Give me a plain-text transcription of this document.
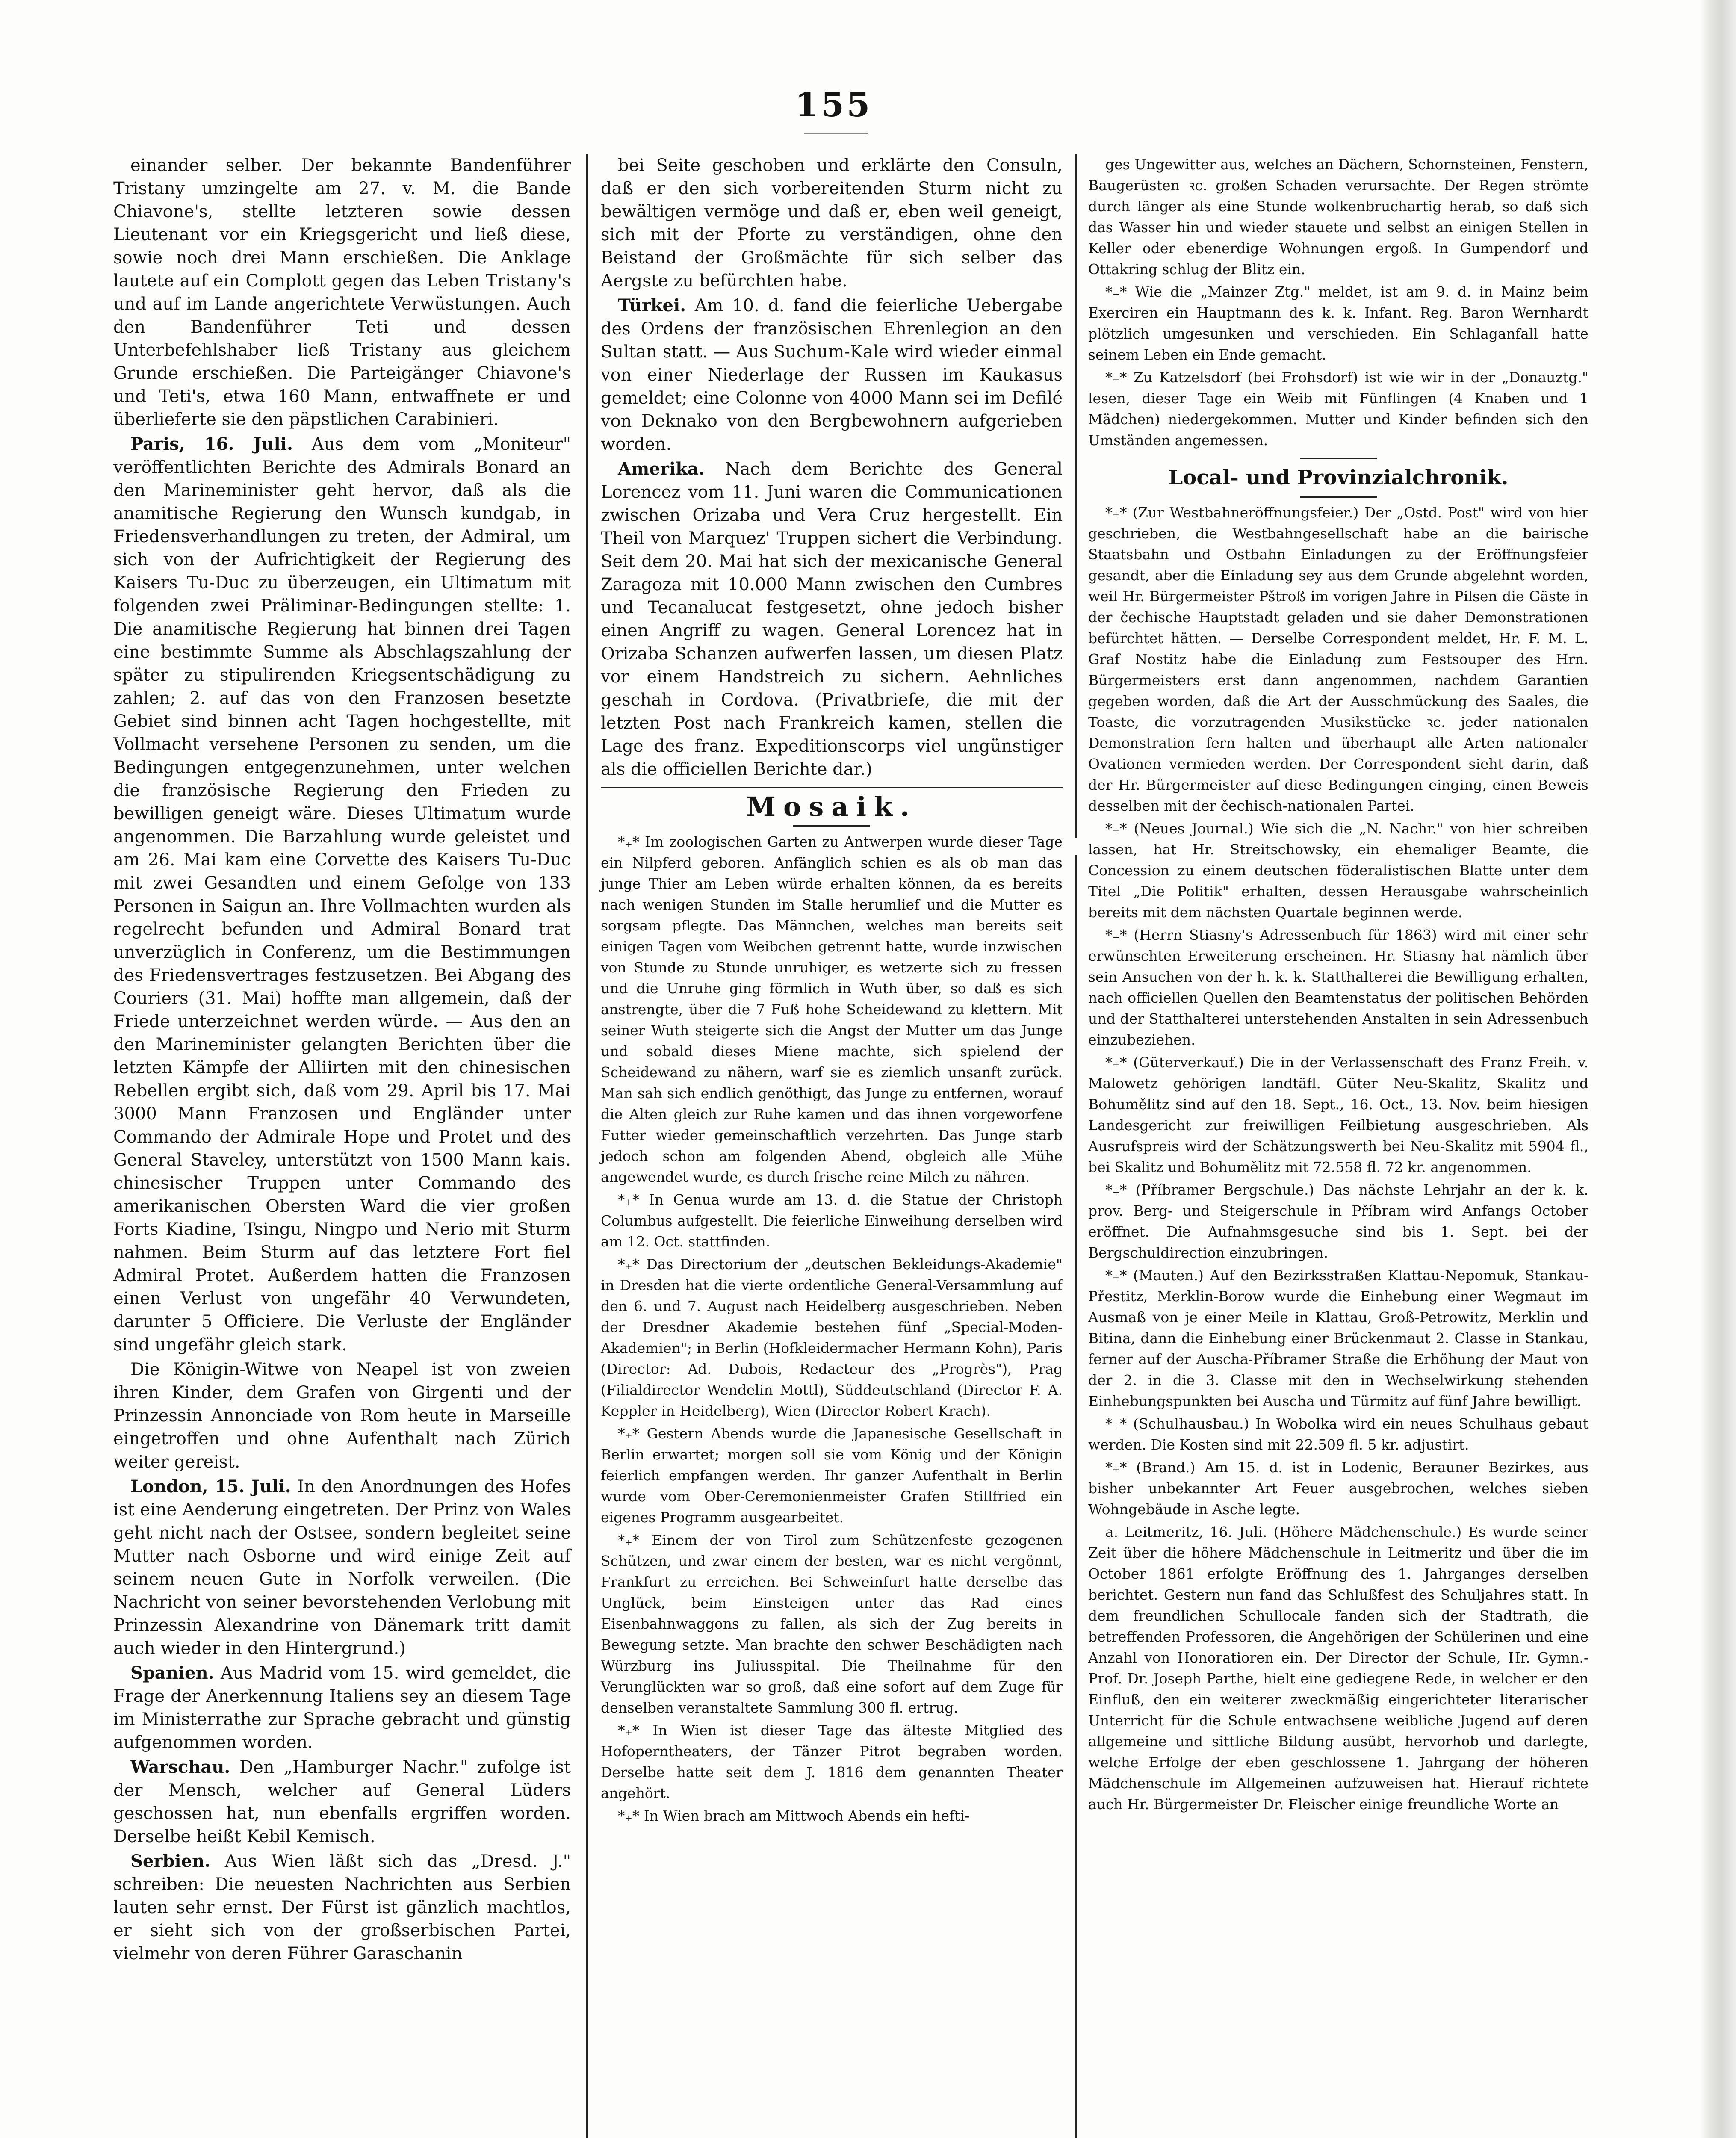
155

einander selber. Der bekannte Bandenführer Tristany umzingelte am 27. v. M. die Bande Chiavone's, stellte letzteren sowie dessen Lieutenant vor ein Kriegsgericht und ließ diese, sowie noch drei Mann erschießen. Die Anklage lautete auf ein Complott gegen das Leben Tristany's und auf im Lande angerichtete Verwüstungen. Auch den Bandenführer Teti und dessen Unterbefehlshaber ließ Tristany aus gleichem Grunde erschießen. Die Parteigänger Chiavone's und Teti's, etwa 160 Mann, entwaffnete er und überlieferte sie den päpstlichen Carabinieri.

Paris, 16. Juli. Aus dem vom „Moniteur" veröffentlichten Berichte des Admirals Bonard an den Marineminister geht hervor, daß als die anamitische Regierung den Wunsch kundgab, in Friedensverhandlungen zu treten, der Admiral, um sich von der Aufrichtigkeit der Regierung des Kaisers Tu-Duc zu überzeugen, ein Ultimatum mit folgenden zwei Präliminar-Bedingungen stellte: 1. Die anamitische Regierung hat binnen drei Tagen eine bestimmte Summe als Abschlagszahlung der später zu stipulirenden Kriegsentschädigung zu zahlen; 2. auf das von den Franzosen besetzte Gebiet sind binnen acht Tagen hochgestellte, mit Vollmacht versehene Personen zu senden, um die Bedingungen entgegenzunehmen, unter welchen die französische Regierung den Frieden zu bewilligen geneigt wäre. Dieses Ultimatum wurde angenommen. Die Barzahlung wurde geleistet und am 26. Mai kam eine Corvette des Kaisers Tu-Duc mit zwei Gesandten und einem Gefolge von 133 Personen in Saigun an. Ihre Vollmachten wurden als regelrecht befunden und Admiral Bonard trat unverzüglich in Conferenz, um die Bestimmungen des Friedensvertrages festzusetzen. Bei Abgang des Couriers (31. Mai) hoffte man allgemein, daß der Friede unterzeichnet werden würde. — Aus den an den Marineminister gelangten Berichten über die letzten Kämpfe der Alliirten mit den chinesischen Rebellen ergibt sich, daß vom 29. April bis 17. Mai 3000 Mann Franzosen und Engländer unter Commando der Admirale Hope und Protet und des General Staveley, unterstützt von 1500 Mann kais. chinesischer Truppen unter Commando des amerikanischen Obersten Ward die vier großen Forts Kiadine, Tsingu, Ningpo und Nerio mit Sturm nahmen. Beim Sturm auf das letztere Fort fiel Admiral Protet. Außerdem hatten die Franzosen einen Verlust von ungefähr 40 Verwundeten, darunter 5 Officiere. Die Verluste der Engländer sind ungefähr gleich stark.

Die Königin-Witwe von Neapel ist von zweien ihren Kinder, dem Grafen von Girgenti und der Prinzessin Annonciade von Rom heute in Marseille eingetroffen und ohne Aufenthalt nach Zürich weiter gereist.

London, 15. Juli. In den Anordnungen des Hofes ist eine Aenderung eingetreten. Der Prinz von Wales geht nicht nach der Ostsee, sondern begleitet seine Mutter nach Osborne und wird einige Zeit auf seinem neuen Gute in Norfolk verweilen. (Die Nachricht von seiner bevorstehenden Verlobung mit Prinzessin Alexandrine von Dänemark tritt damit auch wieder in den Hintergrund.)

Spanien. Aus Madrid vom 15. wird gemeldet, die Frage der Anerkennung Italiens sey an diesem Tage im Ministerrathe zur Sprache gebracht und günstig aufgenommen worden.

Warschau. Den „Hamburger Nachr." zufolge ist der Mensch, welcher auf General Lüders geschossen hat, nun ebenfalls ergriffen worden. Derselbe heißt Kebil Kemisch.

Serbien. Aus Wien läßt sich das „Dresd. J." schreiben: Die neuesten Nachrichten aus Serbien lauten sehr ernst. Der Fürst ist gänzlich machtlos, er sieht sich von der großserbischen Partei, vielmehr von deren Führer Garaschanin

bei Seite geschoben und erklärte den Consuln, daß er den sich vorbereitenden Sturm nicht zu bewältigen vermöge und daß er, eben weil geneigt, sich mit der Pforte zu verständigen, ohne den Beistand der Großmächte für sich selber das Aergste zu befürchten habe.

Türkei. Am 10. d. fand die feierliche Uebergabe des Ordens der französischen Ehrenlegion an den Sultan statt. — Aus Suchum-Kale wird wieder einmal von einer Niederlage der Russen im Kaukasus gemeldet; eine Colonne von 4000 Mann sei im Defilé von Deknako von den Bergbewohnern aufgerieben worden.

Amerika. Nach dem Berichte des General Lorencez vom 11. Juni waren die Communicationen zwischen Orizaba und Vera Cruz hergestellt. Ein Theil von Marquez' Truppen sichert die Verbindung. Seit dem 20. Mai hat sich der mexicanische General Zaragoza mit 10.000 Mann zwischen den Cumbres und Tecanalucat festgesetzt, ohne jedoch bisher einen Angriff zu wagen. General Lorencez hat in Orizaba Schanzen aufwerfen lassen, um diesen Platz vor einem Handstreich zu sichern. Aehnliches geschah in Cordova. (Privatbriefe, die mit der letzten Post nach Frankreich kamen, stellen die Lage des franz. Expeditionscorps viel ungünstiger als die officiellen Berichte dar.)

Mosaik.

*₊* Im zoologischen Garten zu Antwerpen wurde dieser Tage ein Nilpferd geboren. Anfänglich schien es als ob man das junge Thier am Leben würde erhalten können, da es bereits nach wenigen Stunden im Stalle herumlief und die Mutter es sorgsam pflegte. Das Männchen, welches man bereits seit einigen Tagen vom Weibchen getrennt hatte, wurde inzwischen von Stunde zu Stunde unruhiger, es wetzerte sich zu fressen und die Unruhe ging förmlich in Wuth über, so daß es sich anstrengte, über die 7 Fuß hohe Scheidewand zu klettern. Mit seiner Wuth steigerte sich die Angst der Mutter um das Junge und sobald dieses Miene machte, sich spielend der Scheidewand zu nähern, warf sie es ziemlich unsanft zurück. Man sah sich endlich genöthigt, das Junge zu entfernen, worauf die Alten gleich zur Ruhe kamen und das ihnen vorgeworfene Futter wieder gemeinschaftlich verzehrten. Das Junge starb jedoch schon am folgenden Abend, obgleich alle Mühe angewendet wurde, es durch frische reine Milch zu nähren.

*₊* In Genua wurde am 13. d. die Statue der Christoph Columbus aufgestellt. Die feierliche Einweihung derselben wird am 12. Oct. stattfinden.

*₊* Das Directorium der „deutschen Bekleidungs-Akademie" in Dresden hat die vierte ordentliche General-Versammlung auf den 6. und 7. August nach Heidelberg ausgeschrieben. Neben der Dresdner Akademie bestehen fünf „Special-Moden-Akademien"; in Berlin (Hofkleidermacher Hermann Kohn), Paris (Director: Ad. Dubois, Redacteur des „Progrès"), Prag (Filialdirector Wendelin Mottl), Süddeutschland (Director F. A. Keppler in Heidelberg), Wien (Director Robert Krach).

*₊* Gestern Abends wurde die Japanesische Gesellschaft in Berlin erwartet; morgen soll sie vom König und der Königin feierlich empfangen werden. Ihr ganzer Aufenthalt in Berlin wurde vom Ober-Ceremonienmeister Grafen Stillfried ein eigenes Programm ausgearbeitet.

*₊* Einem der von Tirol zum Schützenfeste gezogenen Schützen, und zwar einem der besten, war es nicht vergönnt, Frankfurt zu erreichen. Bei Schweinfurt hatte derselbe das Unglück, beim Einsteigen unter das Rad eines Eisenbahnwaggons zu fallen, als sich der Zug bereits in Bewegung setzte. Man brachte den schwer Beschädigten nach Würzburg ins Juliusspital. Die Theilnahme für den Verunglückten war so groß, daß eine sofort auf dem Zuge für denselben veranstaltete Sammlung 300 fl. ertrug.

*₊* In Wien ist dieser Tage das älteste Mitglied des Hofoperntheaters, der Tänzer Pitrot begraben worden. Derselbe hatte seit dem J. 1816 dem genannten Theater angehört.

*₊* In Wien brach am Mittwoch Abends ein hefti-

ges Ungewitter aus, welches an Dächern, Schornsteinen, Fenstern, Baugerüsten ꝛc. großen Schaden verursachte. Der Regen strömte durch länger als eine Stunde wolkenbruchartig herab, so daß sich das Wasser hin und wieder stauete und selbst an einigen Stellen in Keller oder ebenerdige Wohnungen ergoß. In Gumpendorf und Ottakring schlug der Blitz ein.

*₊* Wie die „Mainzer Ztg." meldet, ist am 9. d. in Mainz beim Exerciren ein Hauptmann des k. k. Infant. Reg. Baron Wernhardt plötzlich umgesunken und verschieden. Ein Schlaganfall hatte seinem Leben ein Ende gemacht.

*₊* Zu Katzelsdorf (bei Frohsdorf) ist wie wir in der „Donauztg." lesen, dieser Tage ein Weib mit Fünflingen (4 Knaben und 1 Mädchen) niedergekommen. Mutter und Kinder befinden sich den Umständen angemessen.

Local- und Provinzialchronik.

*₊* (Zur Westbahneröffnungsfeier.) Der „Ostd. Post" wird von hier geschrieben, die Westbahngesellschaft habe an die bairische Staatsbahn und Ostbahn Einladungen zu der Eröffnungsfeier gesandt, aber die Einladung sey aus dem Grunde abgelehnt worden, weil Hr. Bürgermeister Pštroß im vorigen Jahre in Pilsen die Gäste in der čechische Hauptstadt geladen und sie daher Demonstrationen befürchtet hätten. — Derselbe Correspondent meldet, Hr. F. M. L. Graf Nostitz habe die Einladung zum Festsouper des Hrn. Bürgermeisters erst dann angenommen, nachdem Garantien gegeben worden, daß die Art der Ausschmückung des Saales, die Toaste, die vorzutragenden Musikstücke ꝛc. jeder nationalen Demonstration fern halten und überhaupt alle Arten nationaler Ovationen vermieden werden. Der Correspondent sieht darin, daß der Hr. Bürgermeister auf diese Bedingungen einging, einen Beweis desselben mit der čechisch-nationalen Partei.

*₊* (Neues Journal.) Wie sich die „N. Nachr." von hier schreiben lassen, hat Hr. Streitschowsky, ein ehemaliger Beamte, die Concession zu einem deutschen föderalistischen Blatte unter dem Titel „Die Politik" erhalten, dessen Herausgabe wahrscheinlich bereits mit dem nächsten Quartale beginnen werde.

*₊* (Herrn Stiasny's Adressenbuch für 1863) wird mit einer sehr erwünschten Erweiterung erscheinen. Hr. Stiasny hat nämlich über sein Ansuchen von der h. k. k. Statthalterei die Bewilligung erhalten, nach officiellen Quellen den Beamtenstatus der politischen Behörden und der Statthalterei unterstehenden Anstalten in sein Adressenbuch einzubeziehen.

*₊* (Güterverkauf.) Die in der Verlassenschaft des Franz Freih. v. Malowetz gehörigen landtäfl. Güter Neu-Skalitz, Skalitz und Bohumělitz sind auf den 18. Sept., 16. Oct., 13. Nov. beim hiesigen Landesgericht zur freiwilligen Feilbietung ausgeschrieben. Als Ausrufspreis wird der Schätzungswerth bei Neu-Skalitz mit 5904 fl., bei Skalitz und Bohumělitz mit 72.558 fl. 72 kr. angenommen.

*₊* (Příbramer Bergschule.) Das nächste Lehrjahr an der k. k. prov. Berg- und Steigerschule in Příbram wird Anfangs October eröffnet. Die Aufnahmsgesuche sind bis 1. Sept. bei der Bergschuldirection einzubringen.

*₊* (Mauten.) Auf den Bezirksstraßen Klattau-Nepomuk, Stankau-Přestitz, Merklin-Borow wurde die Einhebung einer Wegmaut im Ausmaß von je einer Meile in Klattau, Groß-Petrowitz, Merklin und Bitina, dann die Einhebung einer Brückenmaut 2. Classe in Stankau, ferner auf der Auscha-Příbramer Straße die Erhöhung der Maut von der 2. in die 3. Classe mit den in Wechselwirkung stehenden Einhebungspunkten bei Auscha und Türmitz auf fünf Jahre bewilligt.

*₊* (Schulhausbau.) In Wobolka wird ein neues Schulhaus gebaut werden. Die Kosten sind mit 22.509 fl. 5 kr. adjustirt.

*₊* (Brand.) Am 15. d. ist in Lodenic, Berauner Bezirkes, aus bisher unbekannter Art Feuer ausgebrochen, welches sieben Wohngebäude in Asche legte.

a. Leitmeritz, 16. Juli. (Höhere Mädchenschule.) Es wurde seiner Zeit über die höhere Mädchenschule in Leitmeritz und über die im October 1861 erfolgte Eröffnung des 1. Jahrganges derselben berichtet. Gestern nun fand das Schlußfest des Schuljahres statt. In dem freundlichen Schullocale fanden sich der Stadtrath, die betreffenden Professoren, die Angehörigen der Schülerinen und eine Anzahl von Honoratioren ein. Der Director der Schule, Hr. Gymn.-Prof. Dr. Joseph Parthe, hielt eine gediegene Rede, in welcher er den Einfluß, den ein weiterer zweckmäßig eingerichteter literarischer Unterricht für die Schule entwachsene weibliche Jugend auf deren allgemeine und sittliche Bildung ausübt, hervorhob und darlegte, welche Erfolge der eben geschlossene 1. Jahrgang der höheren Mädchenschule im Allgemeinen aufzuweisen hat. Hierauf richtete auch Hr. Bürgermeister Dr. Fleischer einige freundliche Worte an
